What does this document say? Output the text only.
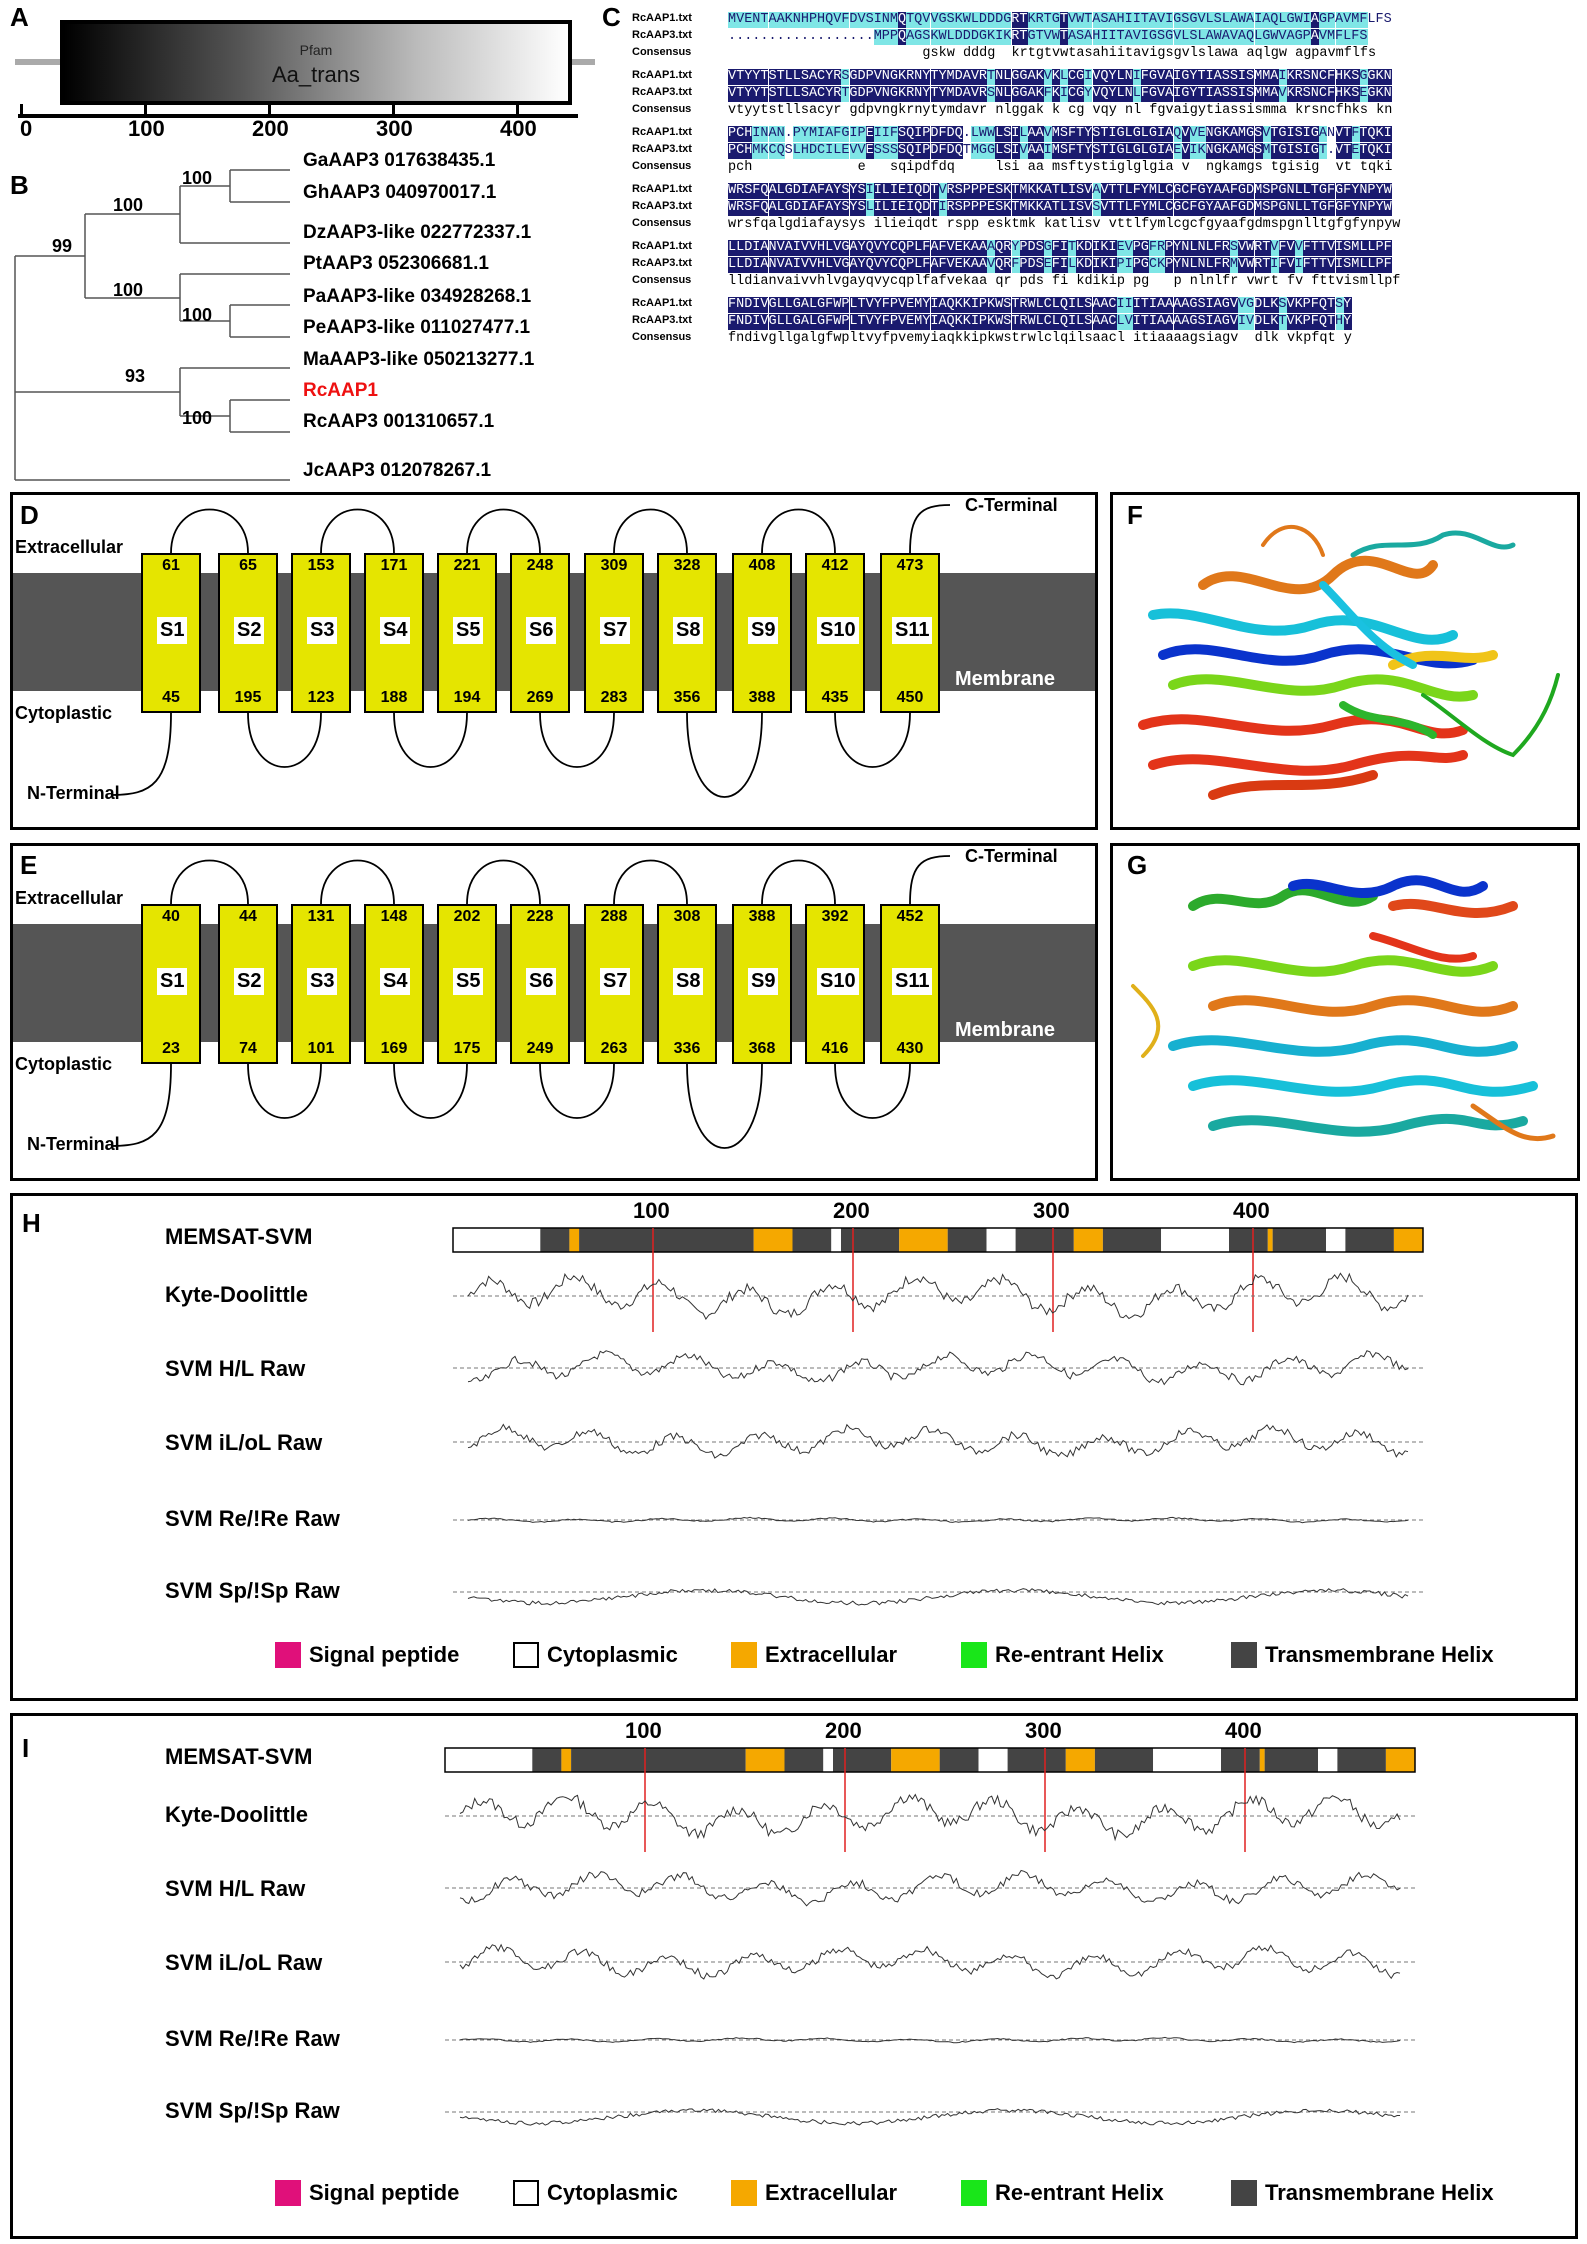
A
B
C
D
E
F
G
H
I
Pfam
Aa_trans
0	100	200	300	400
GaAAP3 017638435.1
GhAAP3 040970017.1
DzAAP3-like 022772337.1
PtAAP3 052306681.1
PaAAP3-like 034928268.1
PeAAP3-like 011027477.1
MaAAP3-like 050213277.1
RcAAP1
RcAAP3 001310657.1
JcAAP3 012078267.1
100
100
99
100
100
93
100
RcAAP1.txt	MVENTAAKNHPHQVFDVSINMQTQVVGSKWLDDDGRTKRTGTVWTASAHIITAVIGSGVLSLAWAIAQLGWIAGPAVMFLFS
RcAAP3.txt	..................MPPQAGSKWLDDDGKIKRTGTVWTASAHIITAVIGSGVLSLAWAVAQLGWVAGPAVMFLFS
Consensus	gskw dddg  krtgtvwtasahiitavigsgvlslawa aqlgw agpavmflfs
RcAAP1.txt	VTYYTSTLLSACYRSGDPVNGKRNYTYMDAVRTNLGGAKVKLCGIVQYLNIFGVAIGYTIASSISMMAIKRSNCFHKSGGKN
RcAAP3.txt	VTYYTSTLLSACYRTGDPVNGKRNYTYMDAVRSNLGGAKFKICGYVQYLNLFGVAIGYTIASSISMMAVKRSNCFHKSEGKN
Consensus	vtyytstllsacyr gdpvngkrnytymdavr nlggak k cg vqy nl fgvaigytiassismma krsncfhks kn
RcAAP1.txt	PCHINAN.PYMIAFGIPEIIFSQIPDFDQ.LWWLSILAAVMSFTYSTIGLGLGIAQVVENGKAMGSVTGISIGANVTFTQKI
RcAAP3.txt	PCHMKCQSLHDCILEVVESSSSQIPDFDQTMGGLSIVAAIMSFTYSTIGLGLGIAEVIKNGKAMGSMTGISIGT.VTETQKI
Consensus	pch             e   sqipdfdq     lsi aa msftystiglglgia v  ngkamgs tgisig  vt tqki
RcAAP1.txt	WRSFQALGDIAFAYSYSIILIEIQDTVRSPPPESKTMKKATLISVAVTTLFYMLCGCFGYAAFGDMSPGNLLTGFGFYNPYW
RcAAP3.txt	WRSFQALGDIAFAYSYSLILIEIQDTIRSPPPESKTMKKATLISVSVTTLFYMLCGCFGYAAFGDMSPGNLLTGFGFYNPYW
Consensus	wrsfqalgdiafaysys ilieiqdt rspp esktmk katlisv vttlfymlcgcfgyaafgdmspgnlltgfgfynpyw
RcAAP1.txt	LLDIANVAIVVHLVGAYQVYCQPLFAFVEKAAAQRYPDSGFITKDIKIEVPGFRPYNLNLFRSVWRTVFVVFTTVISMLLPF
RcAAP3.txt	LLDIANVAIVVHLVGAYQVYCQPLFAFVEKAAVQRFPDSEFILKDIKIPIPGCKPYNLNLFRMVWRTIFVIFTTVISMLLPF
Consensus	lldianvaivvhlvgayqvycqplfafvekaa qr pds fi kdikip pg   p nlnlfr vwrt fv fttvismllpf
RcAAP1.txt	FNDIVGLLGALGFWPLTVYFPVEMYIAQKKIPKWSTRWLCLQILSAACIIITIAAAAGSIAGVVGDLKSVKPFQTSY
RcAAP3.txt	FNDIVGLLGALGFWPLTVYFPVEMYIAQKKIPKWSTRWLCLQILSAACLVITIAAAAGSIAGVIVDLKTVKPFQTHY
Consensus	fndivgllgalgfwpltvyfpvemyiaqkkipkwstrwlclqilsaacl itiaaaagsiagv  dlk vkpfqt y
61
45
S1
65
195
S2
153
123
S3
171
188
S4
221
194
S5
248
269
S6
309
283
S7
328
356
S8
408
388
S9
412
435
S10
473
450
S11
Extracellular
Cytoplastic
Membrane
N-Terminal
C-Terminal
40
23
S1
44
74
S2
131
101
S3
148
169
S4
202
175
S5
228
249
S6
288
263
S7
308
336
S8
388
368
S9
392
416
S10
452
430
S11
Extracellular
Cytoplastic
Membrane
N-Terminal
C-Terminal
MEMSAT-SVM
Kyte-Doolittle
SVM H/L Raw
SVM iL/oL Raw
SVM Re/!Re Raw
SVM Sp/!Sp Raw
100	200	300	400
Signal peptide	Cytoplasmic	Extracellular	Re-entrant Helix	Transmembrane Helix
MEMSAT-SVM
Kyte-Doolittle
SVM H/L Raw
SVM iL/oL Raw
SVM Re/!Re Raw
SVM Sp/!Sp Raw
100	200	300	400
Signal peptide	Cytoplasmic	Extracellular	Re-entrant Helix	Transmembrane Helix
